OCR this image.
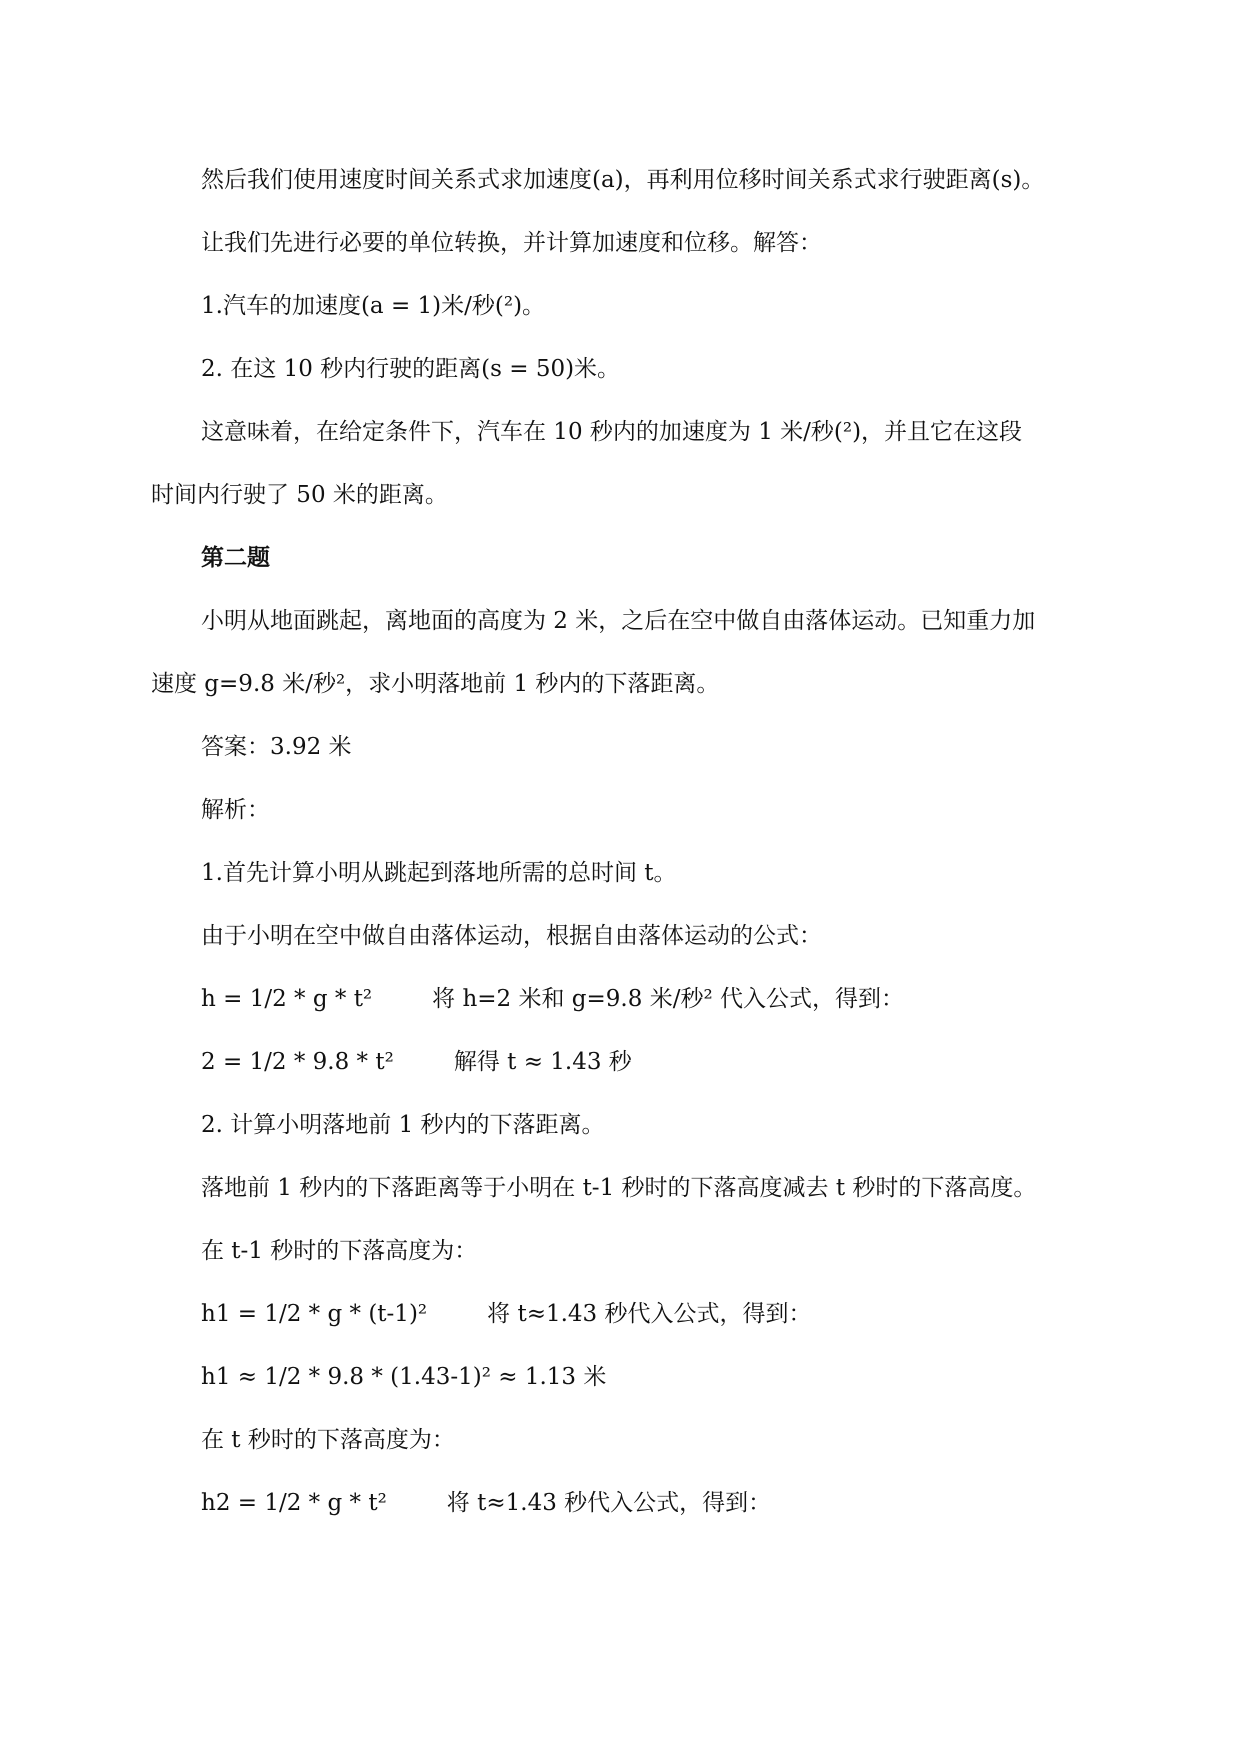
然后我们使用速度时间关系式求加速度(a)，再利用位移时间关系式求行驶距离(s)。
让我们先进行必要的单位转换，并计算加速度和位移。解答：
1.汽车的加速度(a = 1)米/秒(²)。
2. 在这 10 秒内行驶的距离(s = 50)米。
这意味着，在给定条件下，汽车在 10 秒内的加速度为 1 米/秒(²)，并且它在这段
时间内行驶了 50 米的距离。
第二题
小明从地面跳起，离地面的高度为 2 米，之后在空中做自由落体运动。已知重力加
速度 g=9.8 米/秒²，求小明落地前 1 秒内的下落距离。
答案：3.92 米
解析：
1.首先计算小明从跳起到落地所需的总时间 t。
由于小明在空中做自由落体运动，根据自由落体运动的公式：
h = 1/2 * g * t²	将 h=2 米和 g=9.8 米/秒² 代入公式，得到：
2 = 1/2 * 9.8 * t²	解得 t ≈ 1.43 秒
2. 计算小明落地前 1 秒内的下落距离。
落地前 1 秒内的下落距离等于小明在 t-1 秒时的下落高度减去 t 秒时的下落高度。
在 t-1 秒时的下落高度为：
h1 = 1/2 * g * (t-1)²	将 t≈1.43 秒代入公式，得到：
h1 ≈ 1/2 * 9.8 * (1.43-1)² ≈ 1.13 米
在 t 秒时的下落高度为：
h2 = 1/2 * g * t²	将 t≈1.43 秒代入公式，得到：
